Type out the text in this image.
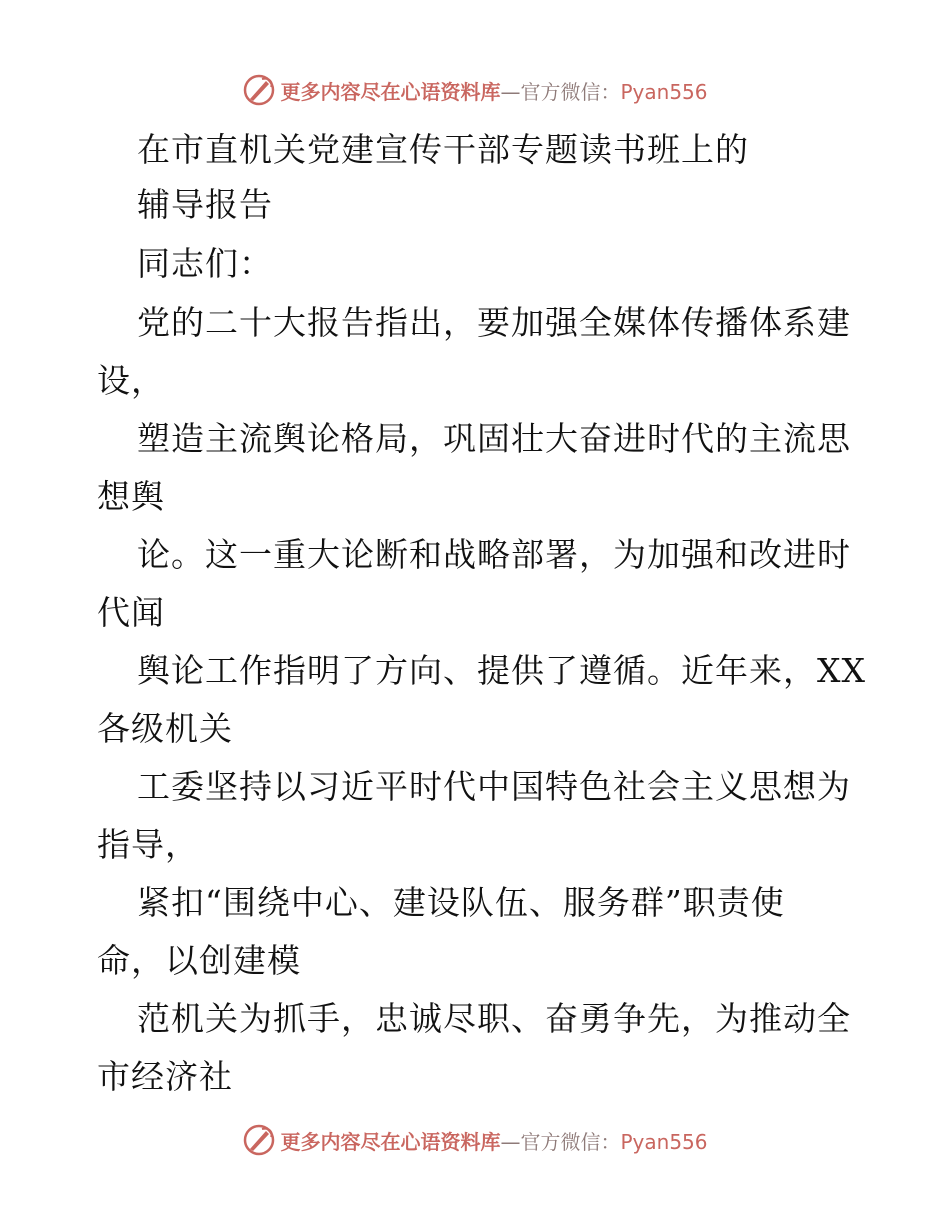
更多内容尽在心语资料库—官方微信：Pyan556
在市直机关党建宣传干部专题读书班上的
辅导报告
同志们：
党的二十大报告指出，要加强全媒体传播体系建
设，
塑造主流舆论格局，巩固壮大奋进时代的主流思
想舆
论。这一重大论断和战略部署，为加强和改进时
代闻
舆论工作指明了方向、提供了遵循。近年来，XX
各级机关
工委坚持以习近平时代中国特色社会主义思想为
指导，
紧扣“围绕中心、建设队伍、服务群”职责使
命，以创建模
范机关为抓手，忠诚尽职、奋勇争先，为推动全
市经济社
更多内容尽在心语资料库—官方微信：Pyan556
